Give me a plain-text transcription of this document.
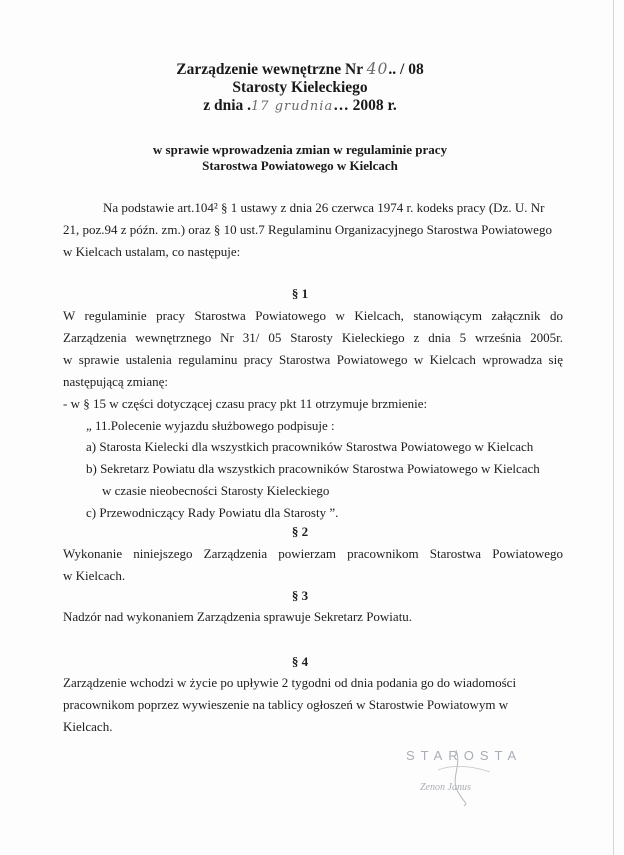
Zarządzenie wewnętrzne Nr 40.. / 08
Starosty Kieleckiego
z dnia .17 grudnia… 2008 r.
w sprawie wprowadzenia zmian w regulaminie pracy
Starostwa Powiatowego w Kielcach
Na podstawie art.104² § 1 ustawy z dnia 26 czerwca 1974 r. kodeks pracy (Dz. U. Nr
21, poz.94 z późn. zm.) oraz § 10 ust.7 Regulaminu Organizacyjnego Starostwa Powiatowego
w Kielcach ustalam, co następuje:
§ 1
W regulaminie pracy Starostwa Powiatowego w Kielcach, stanowiącym załącznik do
Zarządzenia wewnętrznego Nr 31/ 05 Starosty Kieleckiego z dnia 5 września 2005r.
w sprawie ustalenia regulaminu pracy Starostwa Powiatowego w Kielcach wprowadza się
następującą zmianę:
- w § 15 w części dotyczącej czasu pracy pkt 11 otrzymuje brzmienie:
„ 11.Polecenie wyjazdu służbowego podpisuje :
a) Starosta Kielecki dla wszystkich pracowników Starostwa Powiatowego w Kielcach
b) Sekretarz Powiatu dla wszystkich pracowników Starostwa Powiatowego w Kielcach
w czasie nieobecności Starosty Kieleckiego
c) Przewodniczący Rady Powiatu dla Starosty ”.
§ 2
Wykonanie niniejszego Zarządzenia powierzam pracownikom Starostwa Powiatowego
w Kielcach.
§ 3
Nadzór nad wykonaniem Zarządzenia sprawuje Sekretarz Powiatu.
§ 4
Zarządzenie wchodzi w życie po upływie 2 tygodni od dnia podania go do wiadomości
pracownikom poprzez wywieszenie na tablicy ogłoszeń w Starostwie Powiatowym w
Kielcach.
STAROSTA
Zenon Janus
